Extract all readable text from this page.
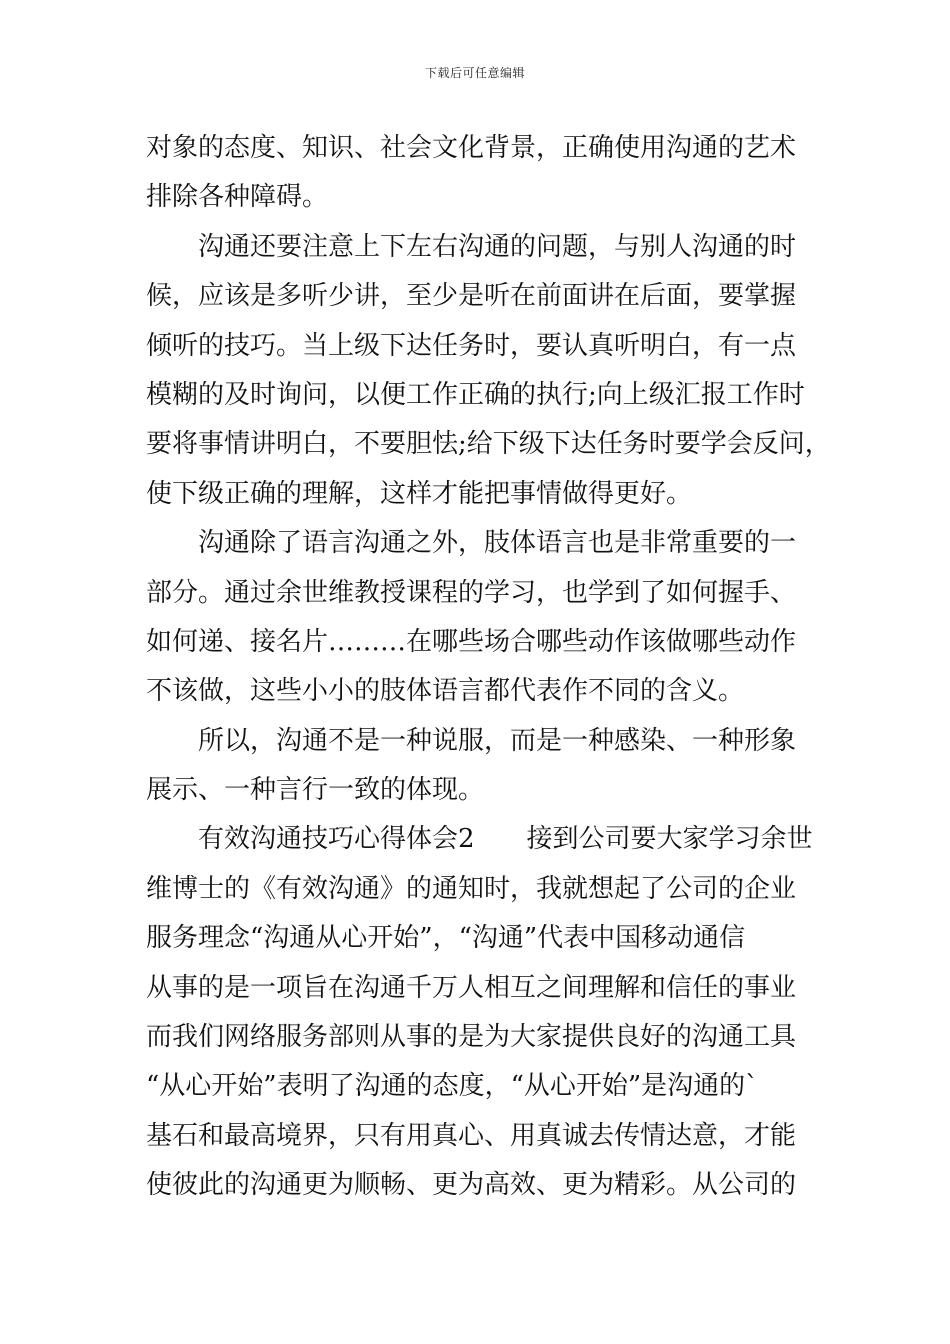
下载后可任意编辑
对象的态度、知识、社会文化背景，正确使用沟通的艺术
排除各种障碍。
沟通还要注意上下左右沟通的问题，与别人沟通的时
候，应该是多听少讲，至少是听在前面讲在后面，要掌握
倾听的技巧。当上级下达任务时，要认真听明白，有一点
模糊的及时询问，以便工作正确的执行;向上级汇报工作时
要将事情讲明白，不要胆怯;给下级下达任务时要学会反问，
使下级正确的理解，这样才能把事情做得更好。
沟通除了语言沟通之外，肢体语言也是非常重要的一
部分。通过余世维教授课程的学习，也学到了如何握手、
如何递、接名片………在哪些场合哪些动作该做哪些动作
不该做，这些小小的肢体语言都代表作不同的含义。
所以，沟通不是一种说服，而是一种感染、一种形象
展示、一种言行一致的体现。
有效沟通技巧心得体会2 接到公司要大家学习余世
维博士的《有效沟通》的通知时，我就想起了公司的企业
服务理念“沟通从心开始”，“沟通”代表中国移动通信
从事的是一项旨在沟通千万人相互之间理解和信任的事业
而我们网络服务部则从事的是为大家提供良好的沟通工具
“从心开始”表明了沟通的态度，“从心开始”是沟通的`
基石和最高境界，只有用真心、用真诚去传情达意，才能
使彼此的沟通更为顺畅、更为高效、更为精彩。从公司的
